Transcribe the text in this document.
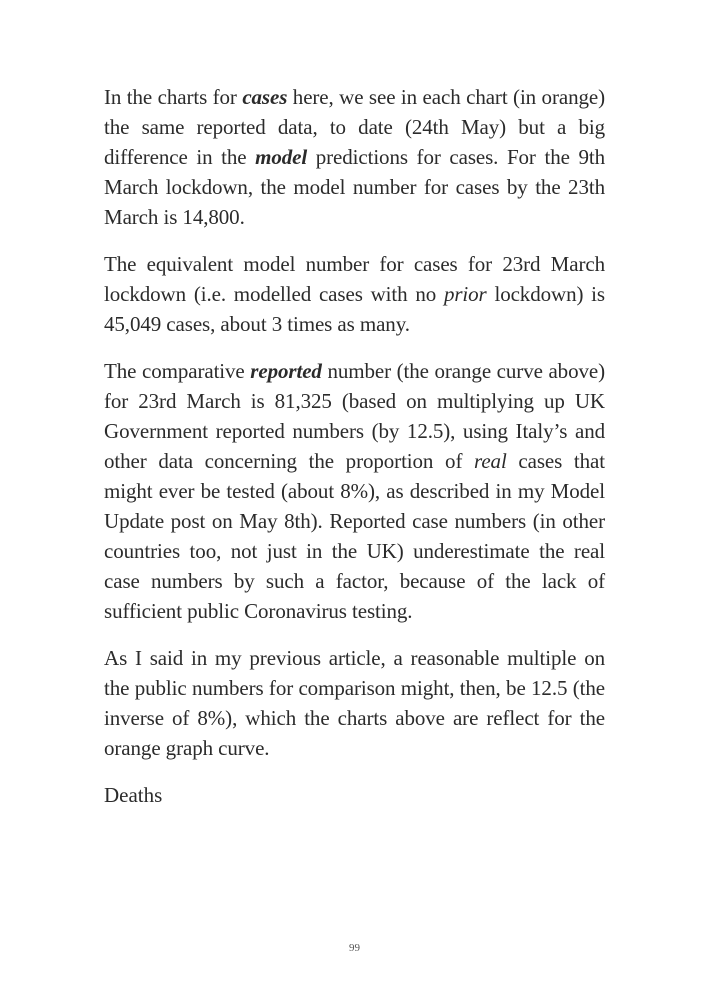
In the charts for cases here, we see in each chart (in orange) the same reported data, to date (24th May) but a big difference in the model predictions for cases. For the 9th March lockdown, the model number for cases by the 23th March is 14,800.

The equivalent model number for cases for 23rd March lockdown (i.e. modelled cases with no prior lockdown) is 45,049 cases, about 3 times as many.

The comparative reported number (the orange curve above) for 23rd March is 81,325 (based on multiplying up UK Government reported numbers (by 12.5), using Italy’s and other data concerning the proportion of real cases that might ever be tested (about 8%), as described in my Model Update post on May 8th). Reported case numbers (in other countries too, not just in the UK) underestimate the real case numbers by such a factor, because of the lack of sufficient public Coronavirus testing.

As I said in my previous article, a reasonable multiple on the public numbers for comparison might, then, be 12.5 (the inverse of 8%), which the charts above are reflect for the orange graph curve.

Deaths

99
